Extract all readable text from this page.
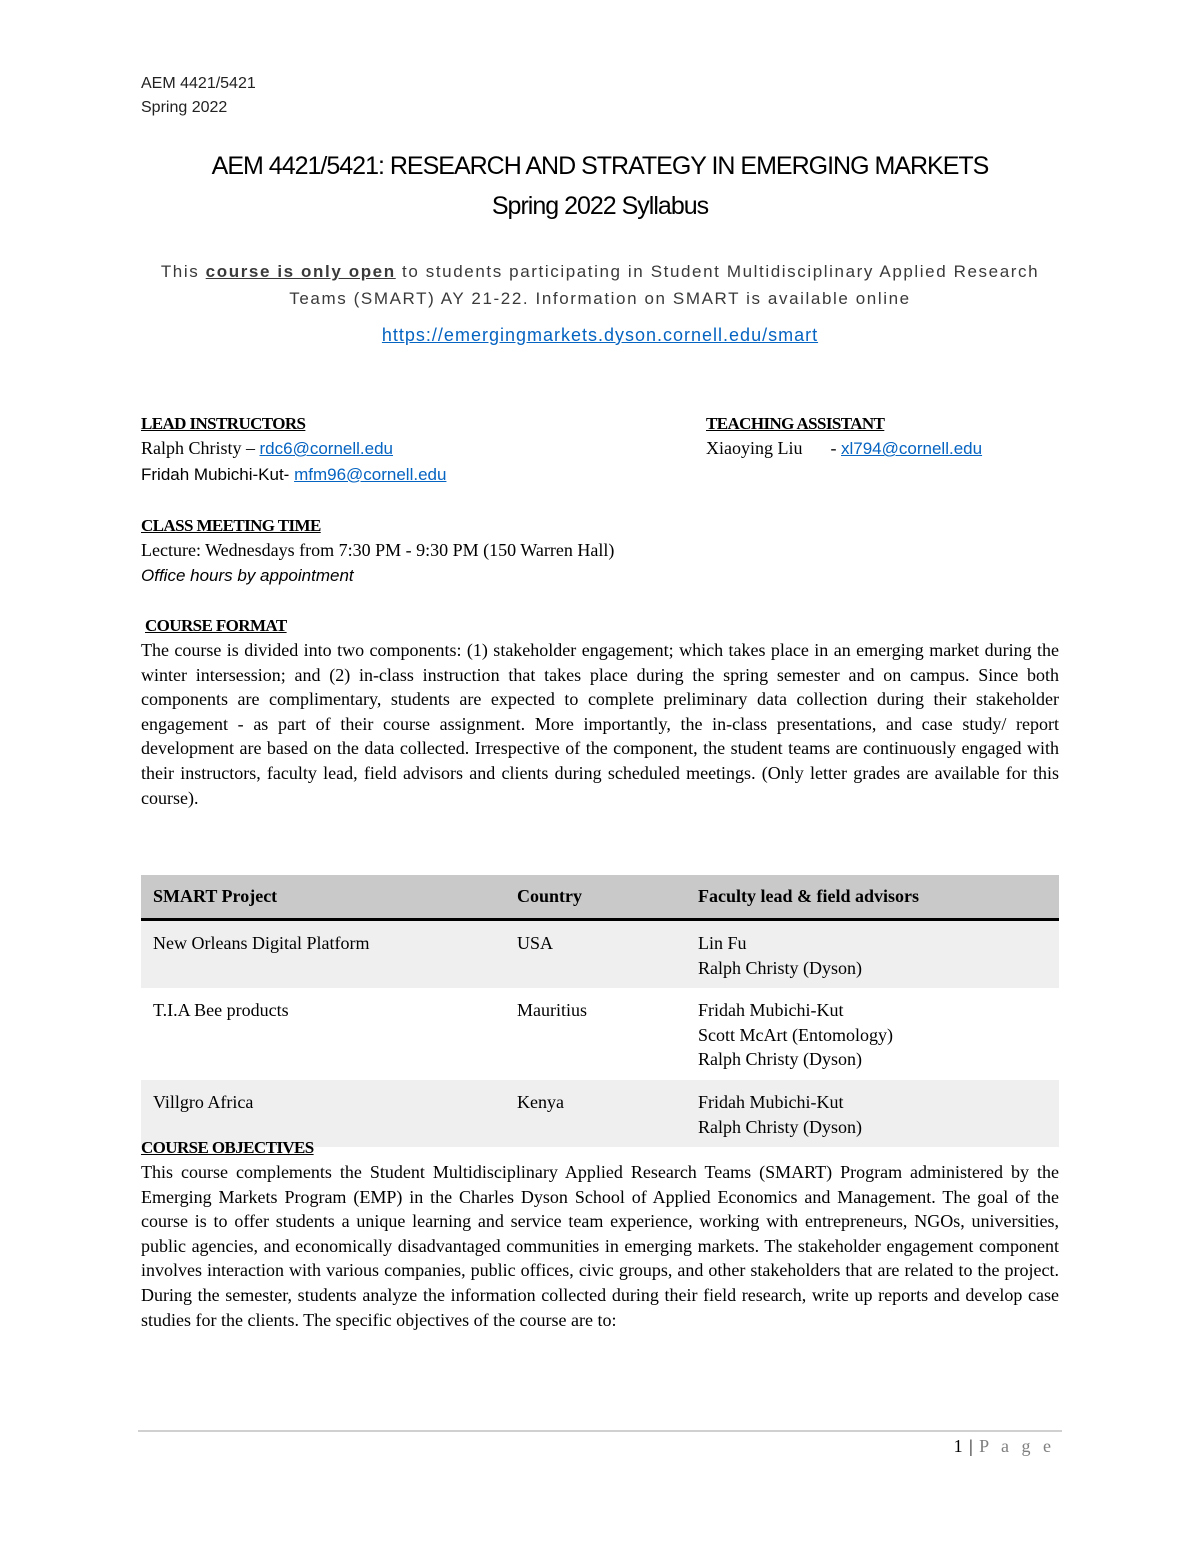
AEM 4421/5421
Spring 2022
AEM 4421/5421: RESEARCH AND STRATEGY IN EMERGING MARKETS
Spring 2022 Syllabus
This course is only open to students participating in Student Multidisciplinary Applied Research Teams (SMART) AY 21-22. Information on SMART is available online
https://emergingmarkets.dyson.cornell.edu/smart
LEAD INSTRUCTORS
Ralph Christy – rdc6@cornell.edu
Fridah Mubichi-Kut- mfm96@cornell.edu
TEACHING ASSISTANT
Xiaoying Liu - xl794@cornell.edu
CLASS MEETING TIME
Lecture: Wednesdays from 7:30 PM - 9:30 PM (150 Warren Hall)
Office hours by appointment
COURSE FORMAT
The course is divided into two components: (1) stakeholder engagement; which takes place in an emerging market during the winter intersession; and (2) in-class instruction that takes place during the spring semester and on campus. Since both components are complimentary, students are expected to complete preliminary data collection during their stakeholder engagement - as part of their course assignment. More importantly, the in-class presentations, and case study/ report development are based on the data collected. Irrespective of the component, the student teams are continuously engaged with their instructors, faculty lead, field advisors and clients during scheduled meetings. (Only letter grades are available for this course).
SMART Project	Country	Faculty lead & field advisors
New Orleans Digital Platform	USA	Lin Fu
Ralph Christy (Dyson)

T.I.A Bee products	Mauritius	Fridah Mubichi-Kut
Scott McArt (Entomology)
Ralph Christy (Dyson)

Villgro Africa	Kenya	Fridah Mubichi-Kut
Ralph Christy (Dyson)
COURSE OBJECTIVES
This course complements the Student Multidisciplinary Applied Research Teams (SMART) Program administered by the Emerging Markets Program (EMP) in the Charles Dyson School of Applied Economics and Management. The goal of the course is to offer students a unique learning and service team experience, working with entrepreneurs, NGOs, universities, public agencies, and economically disadvantaged communities in emerging markets. The stakeholder engagement component involves interaction with various companies, public offices, civic groups, and other stakeholders that are related to the project. During the semester, students analyze the information collected during their field research, write up reports and develop case studies for the clients. The specific objectives of the course are to:
1 | P a g e
